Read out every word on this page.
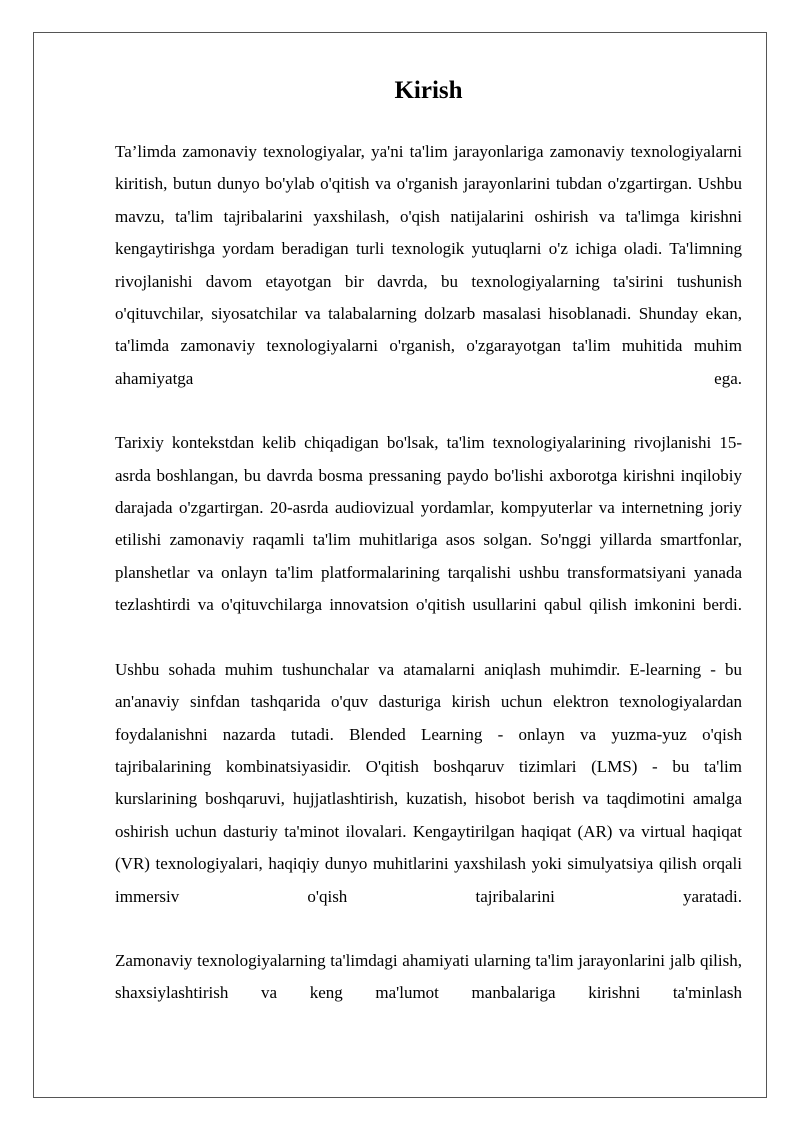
Kirish

Ta’limda zamonaviy texnologiyalar, ya'ni ta'lim jarayonlariga zamonaviy texnologiyalarni kiritish, butun dunyo bo'ylab o'qitish va o'rganish jarayonlarini tubdan o'zgartirgan. Ushbu mavzu, ta'lim tajribalarini yaxshilash, o'qish natijalarini oshirish va ta'limga kirishni kengaytirishga yordam beradigan turli texnologik yutuqlarni o'z ichiga oladi. Ta'limning rivojlanishi davom etayotgan bir davrda, bu texnologiyalarning ta'sirini tushunish o'qituvchilar, siyosatchilar va talabalarning dolzarb masalasi hisoblanadi. Shunday ekan, ta'limda zamonaviy texnologiyalarni o'rganish, o'zgarayotgan ta'lim muhitida muhim ahamiyatga ega.

Tarixiy kontekstdan kelib chiqadigan bo'lsak, ta'lim texnologiyalarining rivojlanishi 15-asrda boshlangan, bu davrda bosma pressaning paydo bo'lishi axborotga kirishni inqilobiy darajada o'zgartirgan. 20-asrda audiovizual yordamlar, kompyuterlar va internetning joriy etilishi zamonaviy raqamli ta'lim muhitlariga asos solgan. So'nggi yillarda smartfonlar, planshetlar va onlayn ta'lim platformalarining tarqalishi ushbu transformatsiyani yanada tezlashtirdi va o'qituvchilarga innovatsion o'qitish usullarini qabul qilish imkonini berdi.

Ushbu sohada muhim tushunchalar va atamalarni aniqlash muhimdir. E-learning - bu an'anaviy sinfdan tashqarida o'quv dasturiga kirish uchun elektron texnologiyalardan foydalanishni nazarda tutadi. Blended Learning - onlayn va yuzma-yuz o'qish tajribalarining kombinatsiyasidir. O'qitish boshqaruv tizimlari (LMS) - bu ta'lim kurslarining boshqaruvi, hujjatlashtirish, kuzatish, hisobot berish va taqdimotini amalga oshirish uchun dasturiy ta'minot ilovalari. Kengaytirilgan haqiqat (AR) va virtual haqiqat (VR) texnologiyalari, haqiqiy dunyo muhitlarini yaxshilash yoki simulyatsiya qilish orqali immersiv o'qish tajribalarini yaratadi.

Zamonaviy texnologiyalarning ta'limdagi ahamiyati ularning ta'lim jarayonlarini jalb qilish, shaxsiylashtirish va keng ma'lumot manbalariga kirishni ta'minlash
